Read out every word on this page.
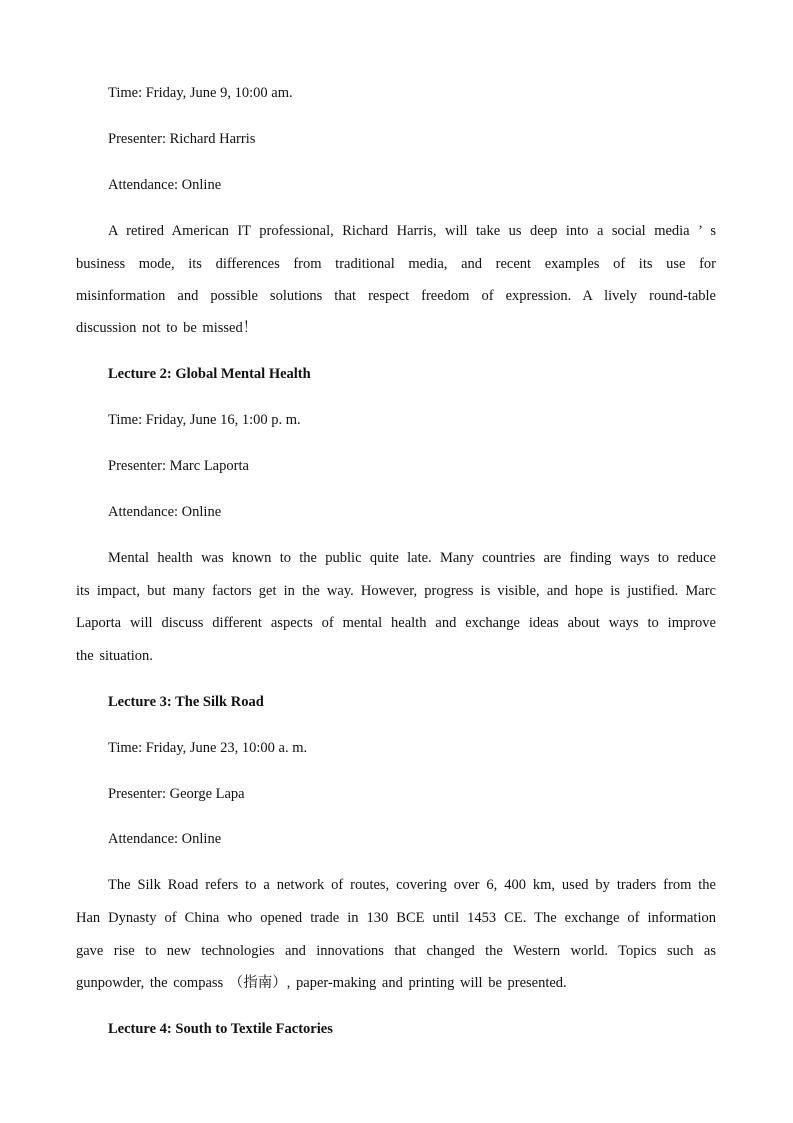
Time: Friday, June 9, 10:00 am.
Presenter: Richard Harris
Attendance: Online
A retired American IT professional, Richard Harris, will take us deep into a social media ’ s
business mode, its differences from traditional media, and recent examples of its use for
misinformation and possible solutions that respect freedom of expression. A lively round-table
discussion not to be missed！
Lecture 2: Global Mental Health
Time: Friday, June 16, 1:00 p. m.
Presenter: Marc Laporta
Attendance: Online
Mental health was known to the public quite late. Many countries are finding ways to reduce
its impact, but many factors get in the way. However, progress is visible, and hope is justified. Marc
Laporta will discuss different aspects of mental health and exchange ideas about ways to improve
the situation.
Lecture 3: The Silk Road
Time: Friday, June 23, 10:00 a. m.
Presenter: George Lapa
Attendance: Online
The Silk Road refers to a network of routes, covering over 6, 400 km, used by traders from the
Han Dynasty of China who opened trade in 130 BCE until 1453 CE. The exchange of information
gave rise to new technologies and innovations that changed the Western world. Topics such as
gunpowder, the compass （指南）, paper-making and printing will be presented.
Lecture 4: South to Textile Factories
